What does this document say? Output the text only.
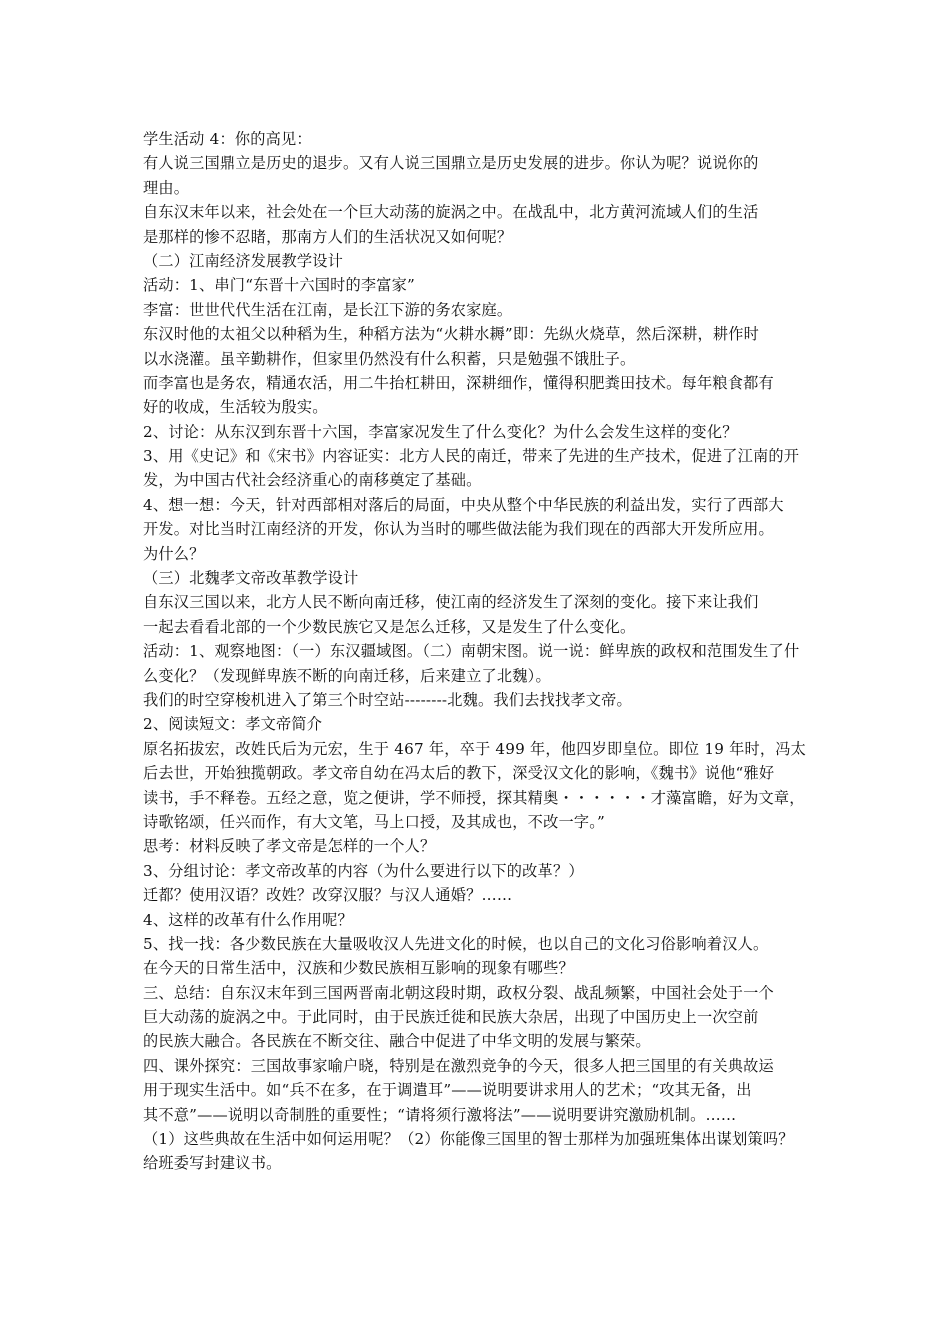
学生活动 4：你的高见：
有人说三国鼎立是历史的退步。又有人说三国鼎立是历史发展的进步。你认为呢？说说你的
理由。
自东汉末年以来，社会处在一个巨大动荡的旋涡之中。在战乱中，北方黄河流域人们的生活
是那样的惨不忍睹，那南方人们的生活状况又如何呢？
（二）江南经济发展教学设计
活动：1、串门“东晋十六国时的李富家”
李富：世世代代生活在江南，是长江下游的务农家庭。
东汉时他的太祖父以种稻为生，种稻方法为“火耕水耨”即：先纵火烧草，然后深耕，耕作时
以水浇灌。虽辛勤耕作，但家里仍然没有什么积蓄，只是勉强不饿肚子。
而李富也是务农，精通农活，用二牛抬杠耕田，深耕细作，懂得积肥粪田技术。每年粮食都有
好的收成，生活较为殷实。
2、讨论：从东汉到东晋十六国，李富家况发生了什么变化？为什么会发生这样的变化？
3、用《史记》和《宋书》内容证实：北方人民的南迁，带来了先进的生产技术，促进了江南的开
发，为中国古代社会经济重心的南移奠定了基础。
4、想一想：今天，针对西部相对落后的局面，中央从整个中华民族的利益出发，实行了西部大
开发。对比当时江南经济的开发，你认为当时的哪些做法能为我们现在的西部大开发所应用。
为什么？
（三）北魏孝文帝改革教学设计
自东汉三国以来，北方人民不断向南迁移，使江南的经济发生了深刻的变化。接下来让我们
一起去看看北部的一个少数民族它又是怎么迁移，又是发生了什么变化。
活动：1、观察地图：（一）东汉疆域图。（二）南朝宋图。说一说：鲜卑族的政权和范围发生了什
么变化？（发现鲜卑族不断的向南迁移，后来建立了北魏）。
我们的时空穿梭机进入了第三个时空站--------北魏。我们去找找孝文帝。
2、阅读短文：孝文帝简介
原名拓拔宏，改姓氏后为元宏，生于 467 年，卒于 499 年，他四岁即皇位。即位 19 年时，冯太
后去世，开始独揽朝政。孝文帝自幼在冯太后的教下，深受汉文化的影响，《魏书》说他“雅好
读书，手不释卷。五经之意，览之便讲，学不师授，探其精奥・・・・・・才藻富瞻，好为文章，
诗歌铭颂，任兴而作，有大文笔，马上口授，及其成也，不改一字。”
思考：材料反映了孝文帝是怎样的一个人？
3、分组讨论：孝文帝改革的内容（为什么要进行以下的改革？）
迁都？使用汉语？改姓？改穿汉服？与汉人通婚？……
4、这样的改革有什么作用呢？
5、找一找：各少数民族在大量吸收汉人先进文化的时候，也以自己的文化习俗影响着汉人。
在今天的日常生活中，汉族和少数民族相互影响的现象有哪些？
三、总结：自东汉末年到三国两晋南北朝这段时期，政权分裂、战乱频繁，中国社会处于一个
巨大动荡的旋涡之中。于此同时，由于民族迁徙和民族大杂居，出现了中国历史上一次空前
的民族大融合。各民族在不断交往、融合中促进了中华文明的发展与繁荣。
四、课外探究：三国故事家喻户晓，特别是在激烈竞争的今天，很多人把三国里的有关典故运
用于现实生活中。如“兵不在多，在于调遣耳”——说明要讲求用人的艺术；“攻其无备，出
其不意”——说明以奇制胜的重要性；“请将须行激将法”——说明要讲究激励机制。……
（1）这些典故在生活中如何运用呢？（2）你能像三国里的智士那样为加强班集体出谋划策吗？
给班委写封建议书。
